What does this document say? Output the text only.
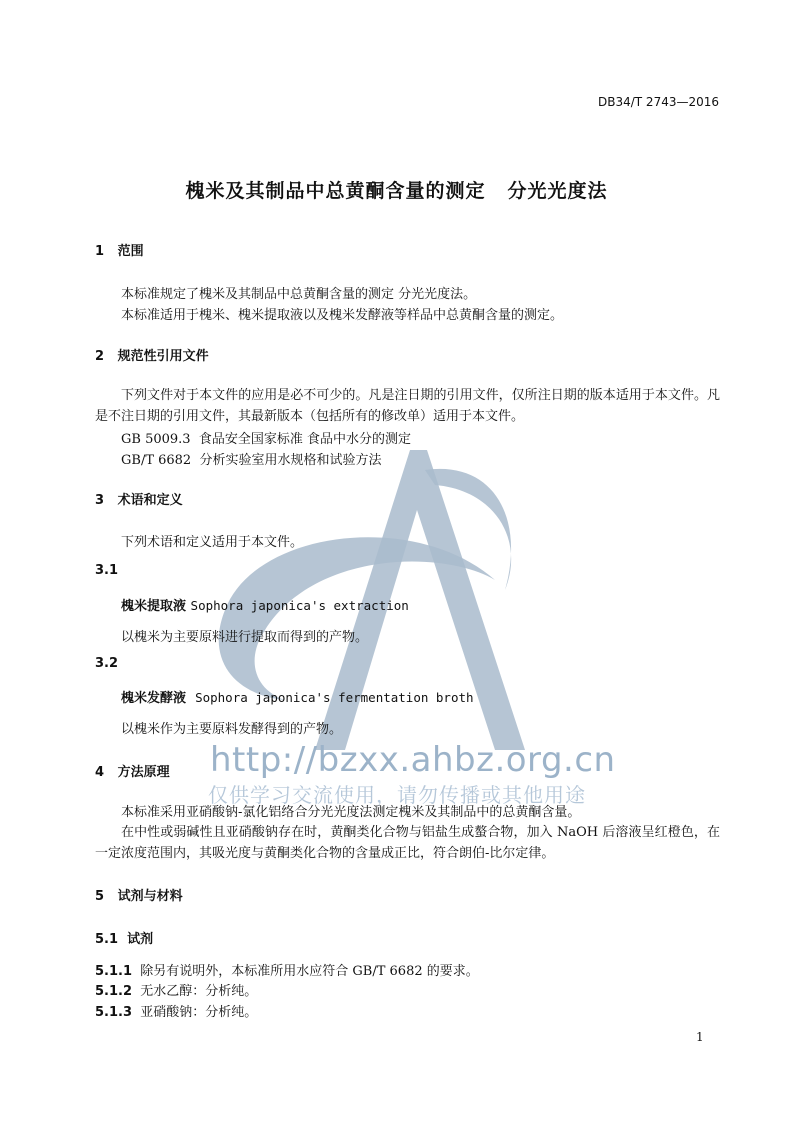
DB34/T 2743—2016
槐米及其制品中总黄酮含量的测定 分光光度法
1 范围
本标准规定了槐米及其制品中总黄酮含量的测定 分光光度法。
本标准适用于槐米、槐米提取液以及槐米发酵液等样品中总黄酮含量的测定。
2 规范性引用文件
下列文件对于本文件的应用是必不可少的。凡是注日期的引用文件，仅所注日期的版本适用于本文件。凡是不注日期的引用文件，其最新版本（包括所有的修改单）适用于本文件。
GB 5009.3 食品安全国家标准 食品中水分的测定
GB/T 6682 分析实验室用水规格和试验方法
3 术语和定义
下列术语和定义适用于本文件。
3.1
槐米提取液 Sophora japonica's extraction
以槐米为主要原料进行提取而得到的产物。
3.2
槐米发酵液 Sophora japonica's fermentation broth
以槐米作为主要原料发酵得到的产物。
http://bzxx.ahbz.org.cn
仅供学习交流使用，请勿传播或其他用途
4 方法原理
本标准采用亚硝酸钠-氯化铝络合分光光度法测定槐米及其制品中的总黄酮含量。
在中性或弱碱性且亚硝酸钠存在时，黄酮类化合物与铝盐生成螯合物，加入 NaOH 后溶液呈红橙色，在一定浓度范围内，其吸光度与黄酮类化合物的含量成正比，符合朗伯-比尔定律。
5 试剂与材料
5.1 试剂
5.1.1 除另有说明外，本标准所用水应符合 GB/T 6682 的要求。
5.1.2 无水乙醇：分析纯。
5.1.3 亚硝酸钠：分析纯。
1
